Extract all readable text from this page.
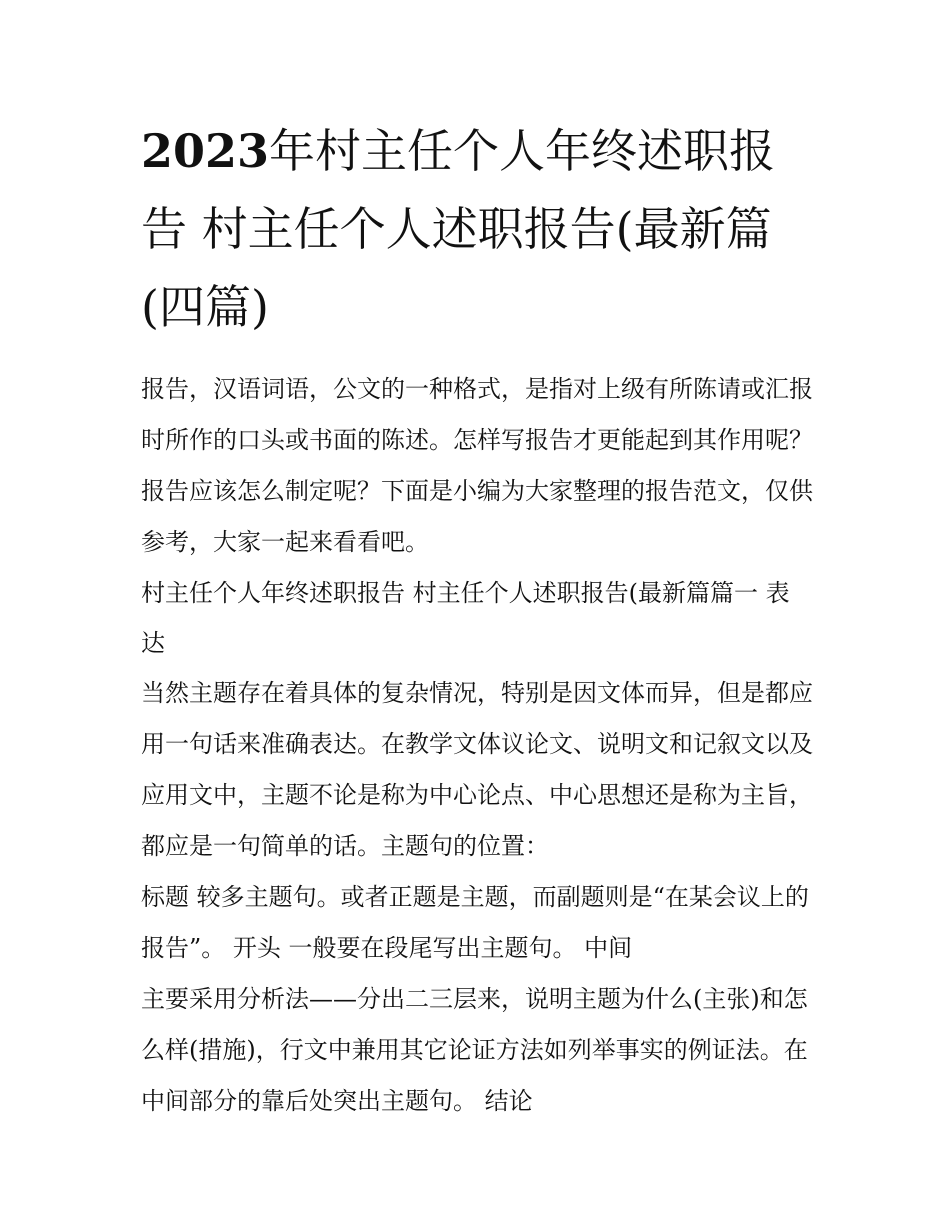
2023年村主任个人年终述职报告 村主任个人述职报告(最新篇(四篇)

报告，汉语词语，公文的一种格式，是指对上级有所陈请或汇报时所作的口头或书面的陈述。怎样写报告才更能起到其作用呢？报告应该怎么制定呢？下面是小编为大家整理的报告范文，仅供参考，大家一起来看看吧。

村主任个人年终述职报告 村主任个人述职报告(最新篇篇一 表达

当然主题存在着具体的复杂情况，特别是因文体而异，但是都应用一句话来准确表达。在教学文体议论文、说明文和记叙文以及应用文中，主题不论是称为中心论点、中心思想还是称为主旨，都应是一句简单的话。主题句的位置：

标题 较多主题句。或者正题是主题，而副题则是“在某会议上的报告”。 开头 一般要在段尾写出主题句。 中间

主要采用分析法——分出二三层来，说明主题为什么(主张)和怎么样(措施)，行文中兼用其它论证方法如列举事实的例证法。在中间部分的靠后处突出主题句。 结论
